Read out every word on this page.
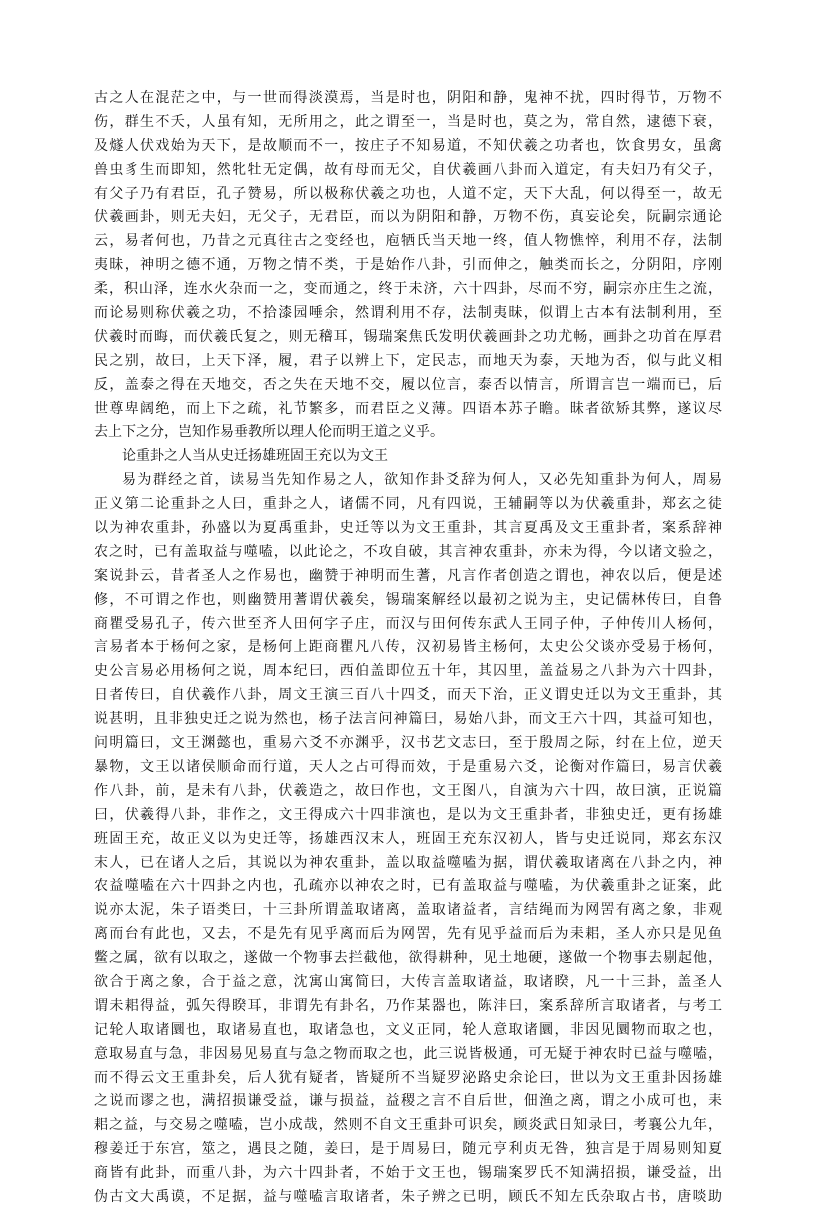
古之人在混茫之中，与一世而得淡漠焉，当是时也，阴阳和静，鬼神不扰，四时得节，万物不
伤，群生不夭，人虽有知，无所用之，此之谓至一，当是时也，莫之为，常自然，逮德下衰，
及燧人伏戏始为天下，是故顺而不一，按庄子不知易道，不知伏羲之功者也，饮食男女，虽禽
兽虫豸生而即知，然牝牡无定偶，故有母而无父，自伏羲画八卦而入道定，有夫妇乃有父子，
有父子乃有君臣，孔子赞易，所以极称伏羲之功也，人道不定，天下大乱，何以得至一，故无
伏羲画卦，则无夫妇，无父子，无君臣，而以为阴阳和静，万物不伤，真妄论矣，阮嗣宗通论
云，易者何也，乃昔之元真往古之变经也，庖牺氏当天地一终，值人物憔悴，利用不存，法制
夷昧，神明之德不通，万物之情不类，于是始作八卦，引而伸之，触类而长之，分阴阳，序刚
柔，积山泽，连水火杂而一之，变而通之，终于未济，六十四卦，尽而不穷，嗣宗亦庄生之流，
而论易则称伏羲之功，不拾漆园唾余，然谓利用不存，法制夷昧，似谓上古本有法制利用，至
伏羲时而晦，而伏羲氏复之，则无稽耳，锡瑞案焦氏发明伏羲画卦之功尤畅，画卦之功首在厚君
民之别，故曰，上天下泽，履，君子以辨上下，定民志，而地天为泰，天地为否，似与此义相
反，盖泰之得在天地交，否之失在天地不交，履以位言，泰否以情言，所谓言岂一端而已，后
世尊卑阔绝，而上下之疏，礼节繁多，而君臣之义薄。四语本苏子瞻。昧者欲矫其弊，遂议尽
去上下之分，岂知作易垂教所以理人伦而明王道之义乎。
论重卦之人当从史迁扬雄班固王充以为文王
易为群经之首，读易当先知作易之人，欲知作卦爻辞为何人，又必先知重卦为何人，周易
正义第二论重卦之人曰，重卦之人，诸儒不同，凡有四说，王辅嗣等以为伏羲重卦，郑玄之徒
以为神农重卦，孙盛以为夏禹重卦，史迁等以为文王重卦，其言夏禹及文王重卦者，案系辞神
农之时，已有盖取益与噬嗑，以此论之，不攻自破，其言神农重卦，亦未为得，今以诸文验之，
案说卦云，昔者圣人之作易也，幽赞于神明而生蓍，凡言作者创造之谓也，神农以后，便是述
修，不可谓之作也，则幽赞用蓍谓伏羲矣，锡瑞案解经以最初之说为主，史记儒林传曰，自鲁
商瞿受易孔子，传六世至齐人田何字子庄，而汉与田何传东武人王同子仲，子仲传川人杨何，
言易者本于杨何之家，是杨何上距商瞿凡八传，汉初易皆主杨何，太史公父谈亦受易于杨何，
史公言易必用杨何之说，周本纪曰，西伯盖即位五十年，其囚里，盖益易之八卦为六十四卦，
日者传曰，自伏羲作八卦，周文王演三百八十四爻，而天下治，正义谓史迁以为文王重卦，其
说甚明，且非独史迁之说为然也，杨子法言问神篇曰，易始八卦，而文王六十四，其益可知也，
问明篇曰，文王渊懿也，重易六爻不亦渊乎，汉书艺文志曰，至于殷周之际，纣在上位，逆天
暴物，文王以诸侯顺命而行道，天人之占可得而效，于是重易六爻，论衡对作篇曰，易言伏羲
作八卦，前，是未有八卦，伏羲造之，故曰作也，文王图八，自演为六十四，故曰演，正说篇
曰，伏羲得八卦，非作之，文王得成六十四非演也，是以为文王重卦者，非独史迁，更有扬雄
班固王充，故正义以为史迁等，扬雄西汉末人，班固王充东汉初人，皆与史迁说同，郑玄东汉
末人，已在诸人之后，其说以为神农重卦，盖以取益噬嗑为据，谓伏羲取诸离在八卦之内，神
农益噬嗑在六十四卦之内也，孔疏亦以神农之时，已有盖取益与噬嗑，为伏羲重卦之证案，此
说亦太泥，朱子语类曰，十三卦所谓盖取诸离，盖取诸益者，言结绳而为网罟有离之象，非观
离而台有此也，又去，不是先有见乎离而后为网罟，先有见乎益而后为耒耜，圣人亦只是见鱼
鳖之属，欲有以取之，遂做一个物事去拦截他，欲得耕种，见土地硬，遂做一个物事去剔起他，
欲合于离之象，合于益之意，沈寓山寓简曰，大传言盖取诸益，取诸睽，凡一十三卦，盖圣人
谓未耜得益，弧矢得睽耳，非谓先有卦名，乃作某器也，陈沣曰，案系辞所言取诸者，与考工
记轮人取诸圜也，取诸易直也，取诸急也，文义正同，轮人意取诸圜，非因见圜物而取之也，
意取易直与急，非因易见易直与急之物而取之也，此三说皆极通，可无疑于神农时已益与噬嗑，
而不得云文王重卦矣，后人犹有疑者，皆疑所不当疑罗泌路史余论曰，世以为文王重卦因扬雄
之说而谬之也，满招损谦受益，谦与损益，益稷之言不自后世，佃渔之离，谓之小成可也，耒
耜之益，与交易之噬嗑，岂小成哉，然则不自文王重卦可识矣，顾炎武日知录曰，考襄公九年，
穆姜迁于东宫，筮之，遇艮之随，姜曰，是于周易曰，随元亨利贞无咎，独言是于周易则知夏
商皆有此卦，而重八卦，为六十四卦者，不始于文王也，锡瑞案罗氏不知满招损，谦受益，出
伪古文大禹谟，不足据，益与噬嗑言取诸者，朱子辨之已明，顾氏不知左氏杂取占书，唐啖助
